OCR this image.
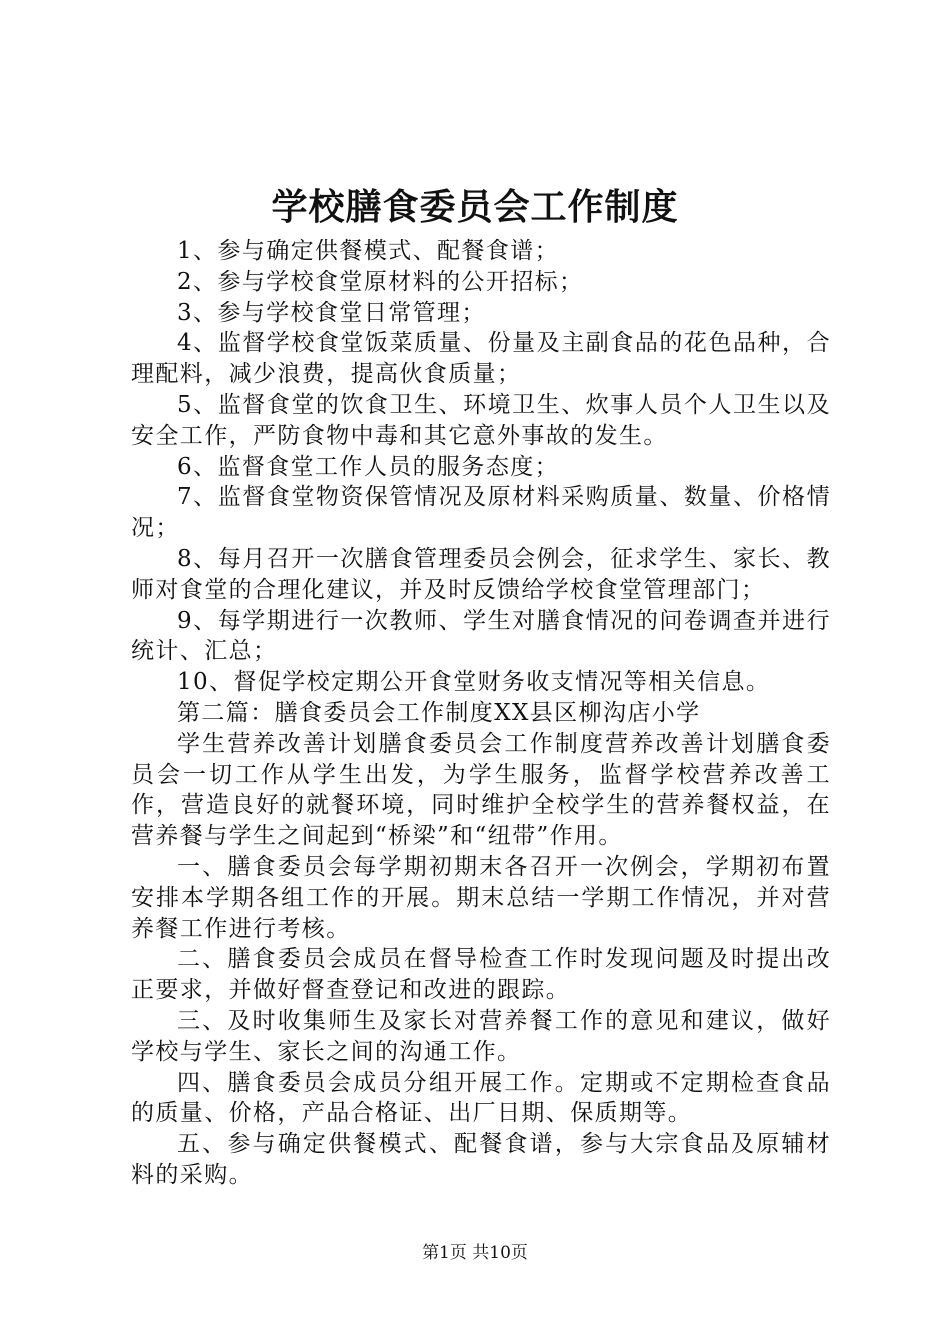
学校膳食委员会工作制度

1、参与确定供餐模式、配餐食谱；

2、参与学校食堂原材料的公开招标；

3、参与学校食堂日常管理；

4、监督学校食堂饭菜质量、份量及主副食品的花色品种，合理配料，减少浪费，提高伙食质量；

5、监督食堂的饮食卫生、环境卫生、炊事人员个人卫生以及安全工作，严防食物中毒和其它意外事故的发生。

6、监督食堂工作人员的服务态度；

7、监督食堂物资保管情况及原材料采购质量、数量、价格情况；

8、每月召开一次膳食管理委员会例会，征求学生、家长、教师对食堂的合理化建议，并及时反馈给学校食堂管理部门；

9、每学期进行一次教师、学生对膳食情况的问卷调查并进行统计、汇总；

10、督促学校定期公开食堂财务收支情况等相关信息。

第二篇：膳食委员会工作制度XX县区柳沟店小学

学生营养改善计划膳食委员会工作制度营养改善计划膳食委员会一切工作从学生出发，为学生服务，监督学校营养改善工作，营造良好的就餐环境，同时维护全校学生的营养餐权益，在营养餐与学生之间起到“桥梁”和“纽带”作用。

一、膳食委员会每学期初期末各召开一次例会，学期初布置安排本学期各组工作的开展。期末总结一学期工作情况，并对营养餐工作进行考核。

二、膳食委员会成员在督导检查工作时发现问题及时提出改正要求，并做好督查登记和改进的跟踪。

三、及时收集师生及家长对营养餐工作的意见和建议，做好学校与学生、家长之间的沟通工作。

四、膳食委员会成员分组开展工作。定期或不定期检查食品的质量、价格，产品合格证、出厂日期、保质期等。

五、参与确定供餐模式、配餐食谱，参与大宗食品及原辅材料的采购。

第1页 共10页
